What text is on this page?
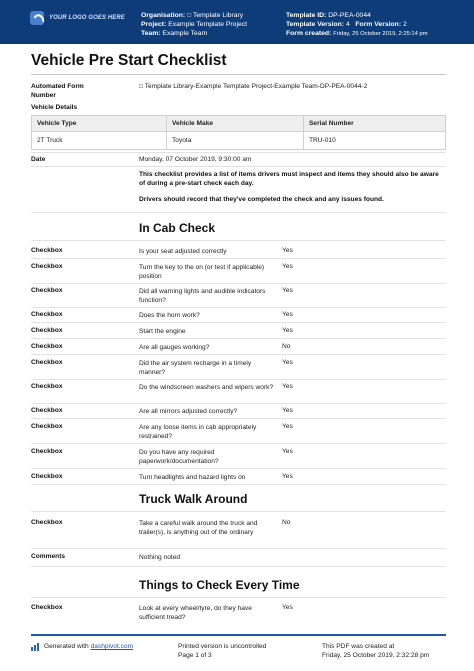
YOUR LOGO GOES HERE Organisation: □ Template Library
Project: Example Template Project
Team: Example Team
Template ID: DP-PEA-0044
Template Version: 4 Form Version: 2
Form created: Friday, 25 October 2019, 2:25:14 pm
Vehicle Pre Start Checklist
Automated Form
Number
□ Template Library-Example Template Project-Example Team-DP-PEA-0044-2
Vehicle Details
Vehicle Type	Vehicle Make	Serial Number
2T Truck	Toyota	TRU-010
Date	Monday, 07 October 2019, 9:30:00 am
This checklist provides a list of items drivers must inspect and items they should also be aware of during a pre-start check each day.
Drivers should record that they've completed the check and any issues found.
In Cab Check
Checkbox	Is your seat adjusted correctly	Yes
Checkbox	Turn the key to the on (or test if applicable) position
Yes
Checkbox	Did all warning lights and audible indicators function?
Yes
Checkbox	Does the horn work?	Yes
Checkbox	Start the engine	Yes
Checkbox	Are all gauges working?	No
Checkbox	Did the air system recharge in a timely manner?
Yes
Checkbox	Do the windscreen washers and wipers work? Yes
Checkbox	Are all mirrors adjusted correctly?	Yes
Checkbox	Are any loose items in cab appropriately restrained?
Yes
Checkbox	Do you have any required paperwork/documentation?
Yes
Checkbox	Turn headlights and hazard lights on	Yes
Truck Walk Around
Checkbox	Take a careful walk around the truck and trailer(s), is anything out of the ordinary
No
Comments	Nothing noted
Things to Check Every Time
Checkbox	Look at every wheel/tyre, do they have sufficient tread?
Yes
Generated with dashpivot.com	Printed version is uncontrolled
Page 1 of 3
This PDF was created at
Friday, 25 October 2019, 2:32:28 pm
